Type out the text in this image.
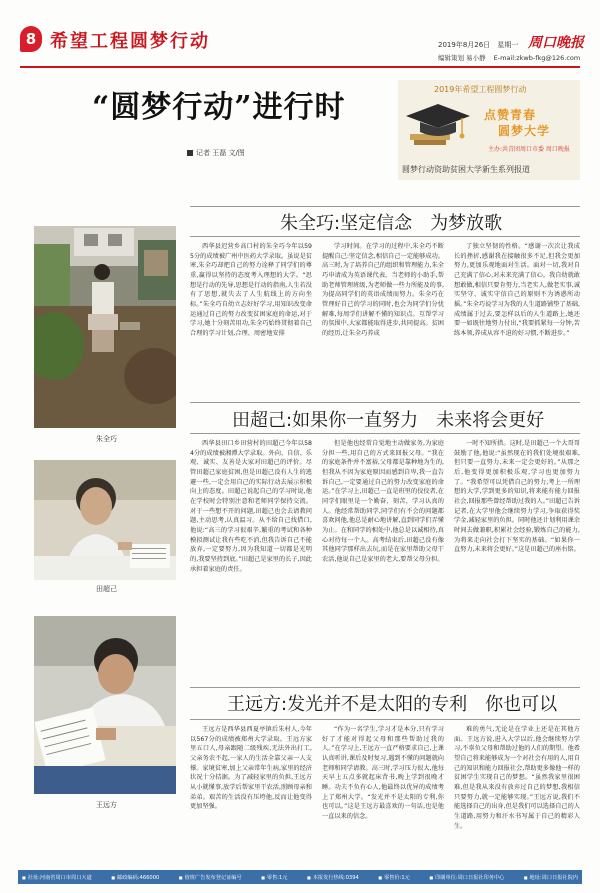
8 希望工程圆梦行动	周口晚报
2019年8月26日 星期一
编辑策划 易小静 E-mail:zkwb-fkg@126.com
“圆梦行动”进行时
记者 王磊 文/图
2019年希望工程圆梦行动
点赞青春
圆梦大学
主办:共青团周口市委 周口晚报
圆梦行动资助贫困大学新生系列报道
朱全巧
田超己
王远方
朱全巧:坚定信念　为梦放歌
西华县迟营乡高口村的朱全巧今年以595分的成绩被广州中医药大学录取。虽说是贫寒,朱全巧却把自己的努力诠释了同学们的尊重,赢得以坚持的态度考入理想的大学。“思想是行动的先导,思想是行动的指南,人生若没有了思想,就失去了人生航线上的方向坐标。”朱全巧自幼立志好好学习,用知识改变命运通过自己的努力改变贫困家庭的命运,对于学习,她十分刻苦用功,朱全巧始终贯彻着自己合理的学习计划,合理、周密地安排
学习时间。在学习的过程中,朱全巧不断提醒自己:坚定信念,相信自己一定能够成功。高三时,为了培养自己的组织和管理能力,朱全巧申请成为英语课代表。当老师的小助手,帮助老师管理班级,为老师做一些力所能及的事,为提高同学们的英语成绩而努力。朱全巧在管理好自己的学习的同时,也会为同学们分忧解难,每周学们讲解不懂的知识点。互帮学习的氛围中,大家都能取得进步,共同提高。贫困的经历,让朱全巧养成
了独立坚韧的性格。“感谢一次次让我成长的挫折,感谢我在接触很多不足,但我会更加努力,更加乐观地面对生活。面对一切,我对自己充满了信心,对未来充满了信心。我自幼就敢想敢做,相信只要肯努力,当老实人,做老实事,诚实坚守、诚实守信自己的原则不为诱惑所动摇。”朱全巧说学习为我的人生道路铺垫了基础,成绩属于过去,要怎样以后的人生道路上,她还要一如既往地努力付出,“我要抓紧每一分钟,苦练本领,养成从容不迫的好习惯,不断进步。”
田超己:如果你一直努力　未来将会更好
西华县田口乡田营村的田超己今年以584分的成绩被湘潭大学录取。外向、自信、乐观、诚实、友善是大家对田超己的评价。尽管田超己家庭贫困,但是田超己没有人生的逃避一些,一定会用自己的实际行动去展示积极向上的态度。田超己说起自己的学习时说,他在学校时会特别注意和老师同学保持交流。对于一些想不开的问题,田超己也会去请教问题,主动思考,认真温习。从不给自己找借口,他说:“高三的学习很艰辛,繁重的考试和各种模拟测试让我有些吃不消,但我告诉自己不能放弃,一定要努力,因为我知道一切都是光明的,我要坚持到底。”田超己是家里的长子,因此承担着家庭的责任。
但是他也经常自觉地主动做家务,为家庭分担一些,用自己的方式来回报父母。“我在的家庭条件并不富裕,父母都是靠种地为生的,但我从不因为家庭原因而感到自卑,我一直告诉自己,一定要通过自己的努力改变家庭的命运。”在学习上,田超己一直是班里的佼佼者,在同学们眼里是一个勤奋、刻苦、学习认真的人。他经常帮助同学,同学们有不会的问题都喜欢问他,他总是耐心地讲解,直到同学们弄懂为止。在和同学的相处中,他总是以诚相待,真心对待每一个人。高考结束后,田超己没有像其他同学那样出去玩,而是在家里帮助父母干农活,他说自己是家里的老大,要帮父母分担。
一时不知所措。这时,是田超己一个大哥哥鼓励了他,他说:“虽然现在的我们处境很艰难,但只要一直努力,未来一定会更好的。”从那之后,他变得更加积极乐观,学习也更加努力了。“我希望可以凭借自己的努力,考上一所理想的大学,学到更多的知识,将来能有能力回报社会,回报那些曾经帮助过我的人。”田超己告诉记者,在大学里他会继续努力学习,争取获得奖学金,减轻家里的负担。同时他还计划利用课余时间去做兼职,积累社会经验,锻炼自己的能力,为将来走向社会打下坚实的基础。“如果你一直努力,未来将会更好。”这是田超己的座右铭。
王远方:发光并不是太阳的专利　你也可以
王远方是西华县西夏亭镇后朱村人,今年以567分的成绩被郑州大学录取。王远方家里五口人,母亲跟随二级残疾,无法外出打工,父亲务农不起,一家人的生活全靠父亲一人支撑。家境贫寒,加上父亲常年生病,家里的经济状况十分拮据。为了减轻家里的负担,王远方从小就懂事,放学后帮家里干农活,照顾母亲和弟弟。艰苦的生活没有压垮他,反而让他变得更加坚强。
“作为一名学生,学习才是本分,只有学习好了才能对得起父母和那些帮助过我的人。”在学习上,王远方一直严格要求自己,上课认真听讲,课后及时复习,遇到不懂的问题就向老师和同学请教。高三时,学习压力很大,他每天早上五点多就起床背书,晚上学到很晚才睡。功夫不负有心人,他最终以优异的成绩考上了郑州大学。“发光并不是太阳的专利,你也可以。”这是王远方最喜欢的一句话,也是他一直以来的信念。
难的勇气,无论是在学业上还是在其他方面。王远方说,进入大学以后,他会继续努力学习,不辜负父母和帮助过他的人们的期望。他希望自己将来能够成为一个对社会有用的人,用自己的知识和能力回报社会,帮助更多像他一样的贫困学生实现自己的梦想。“虽然我家里很困难,但是我从来没有放弃过自己的梦想,我相信只要努力,就一定能够实现。”王远方说,我们不能选择自己的出身,但是我们可以选择自己的人生道路,用努力和汗水书写属于自己的精彩人生。
■ 社址:河南省周口市周口大道	■ 邮政编码:466000	■ 值班广告发布登记证编号	■ 零售:1元	■ 本报发行热线:0394	■ 零售价:1元	■ 印刷单位:周口日报社印务中心	■ 地址:周口日报社院内
